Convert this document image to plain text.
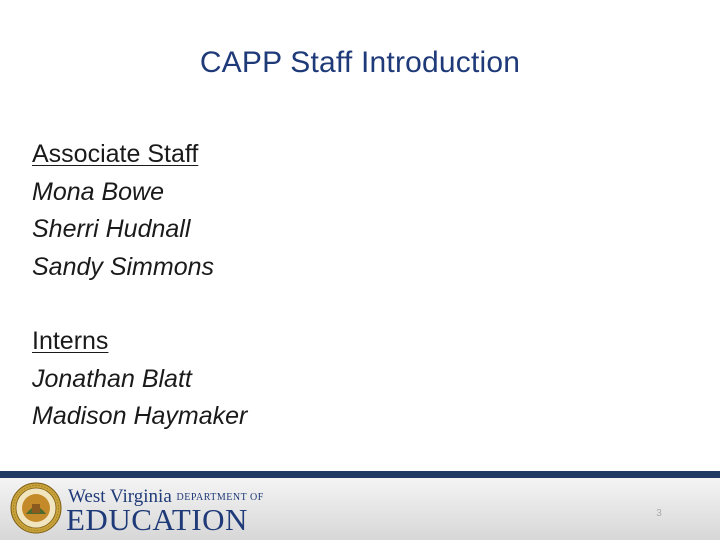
CAPP Staff Introduction
Associate Staff
Mona Bowe
Sherri Hudnall
Sandy Simmons
Interns
Jonathan Blatt
Madison Haymaker
West Virginia DEPARTMENT OF
EDUCATION	3
